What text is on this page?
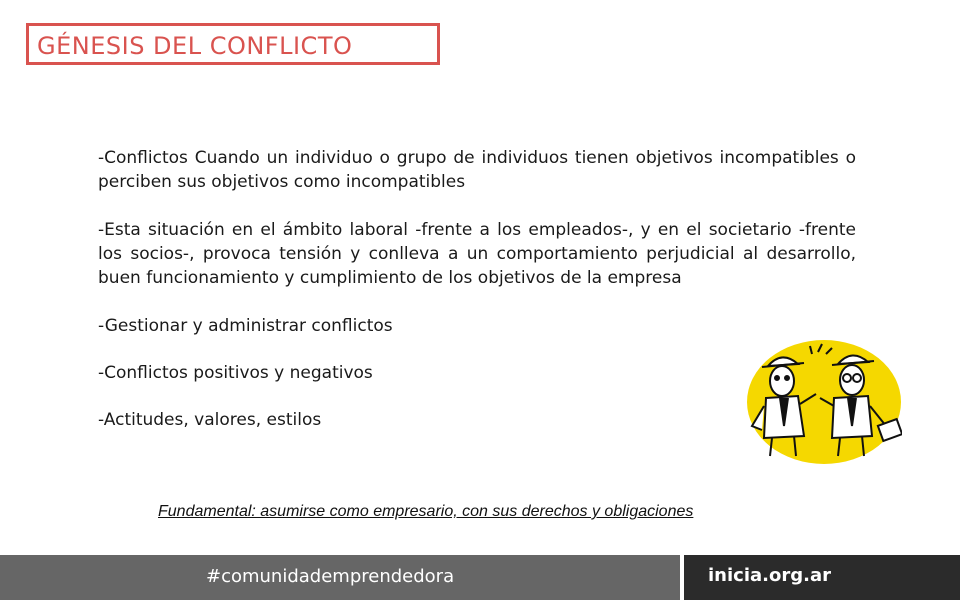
GÉNESIS DEL CONFLICTO

-Conflictos Cuando un individuo o grupo de individuos tienen objetivos incompatibles o perciben sus objetivos como incompatibles

-Esta situación en el ámbito laboral -frente a los empleados-, y en el societario -frente los socios-, provoca tensión y conlleva a un comportamiento perjudicial al desarrollo, buen funcionamiento y cumplimiento de los objetivos de la empresa

-Gestionar y administrar conflictos

-Conflictos positivos y negativos

-Actitudes, valores, estilos

Fundamental: asumirse como empresario, con sus derechos y obligaciones
#comunidademprendedora	inicia.org.ar
